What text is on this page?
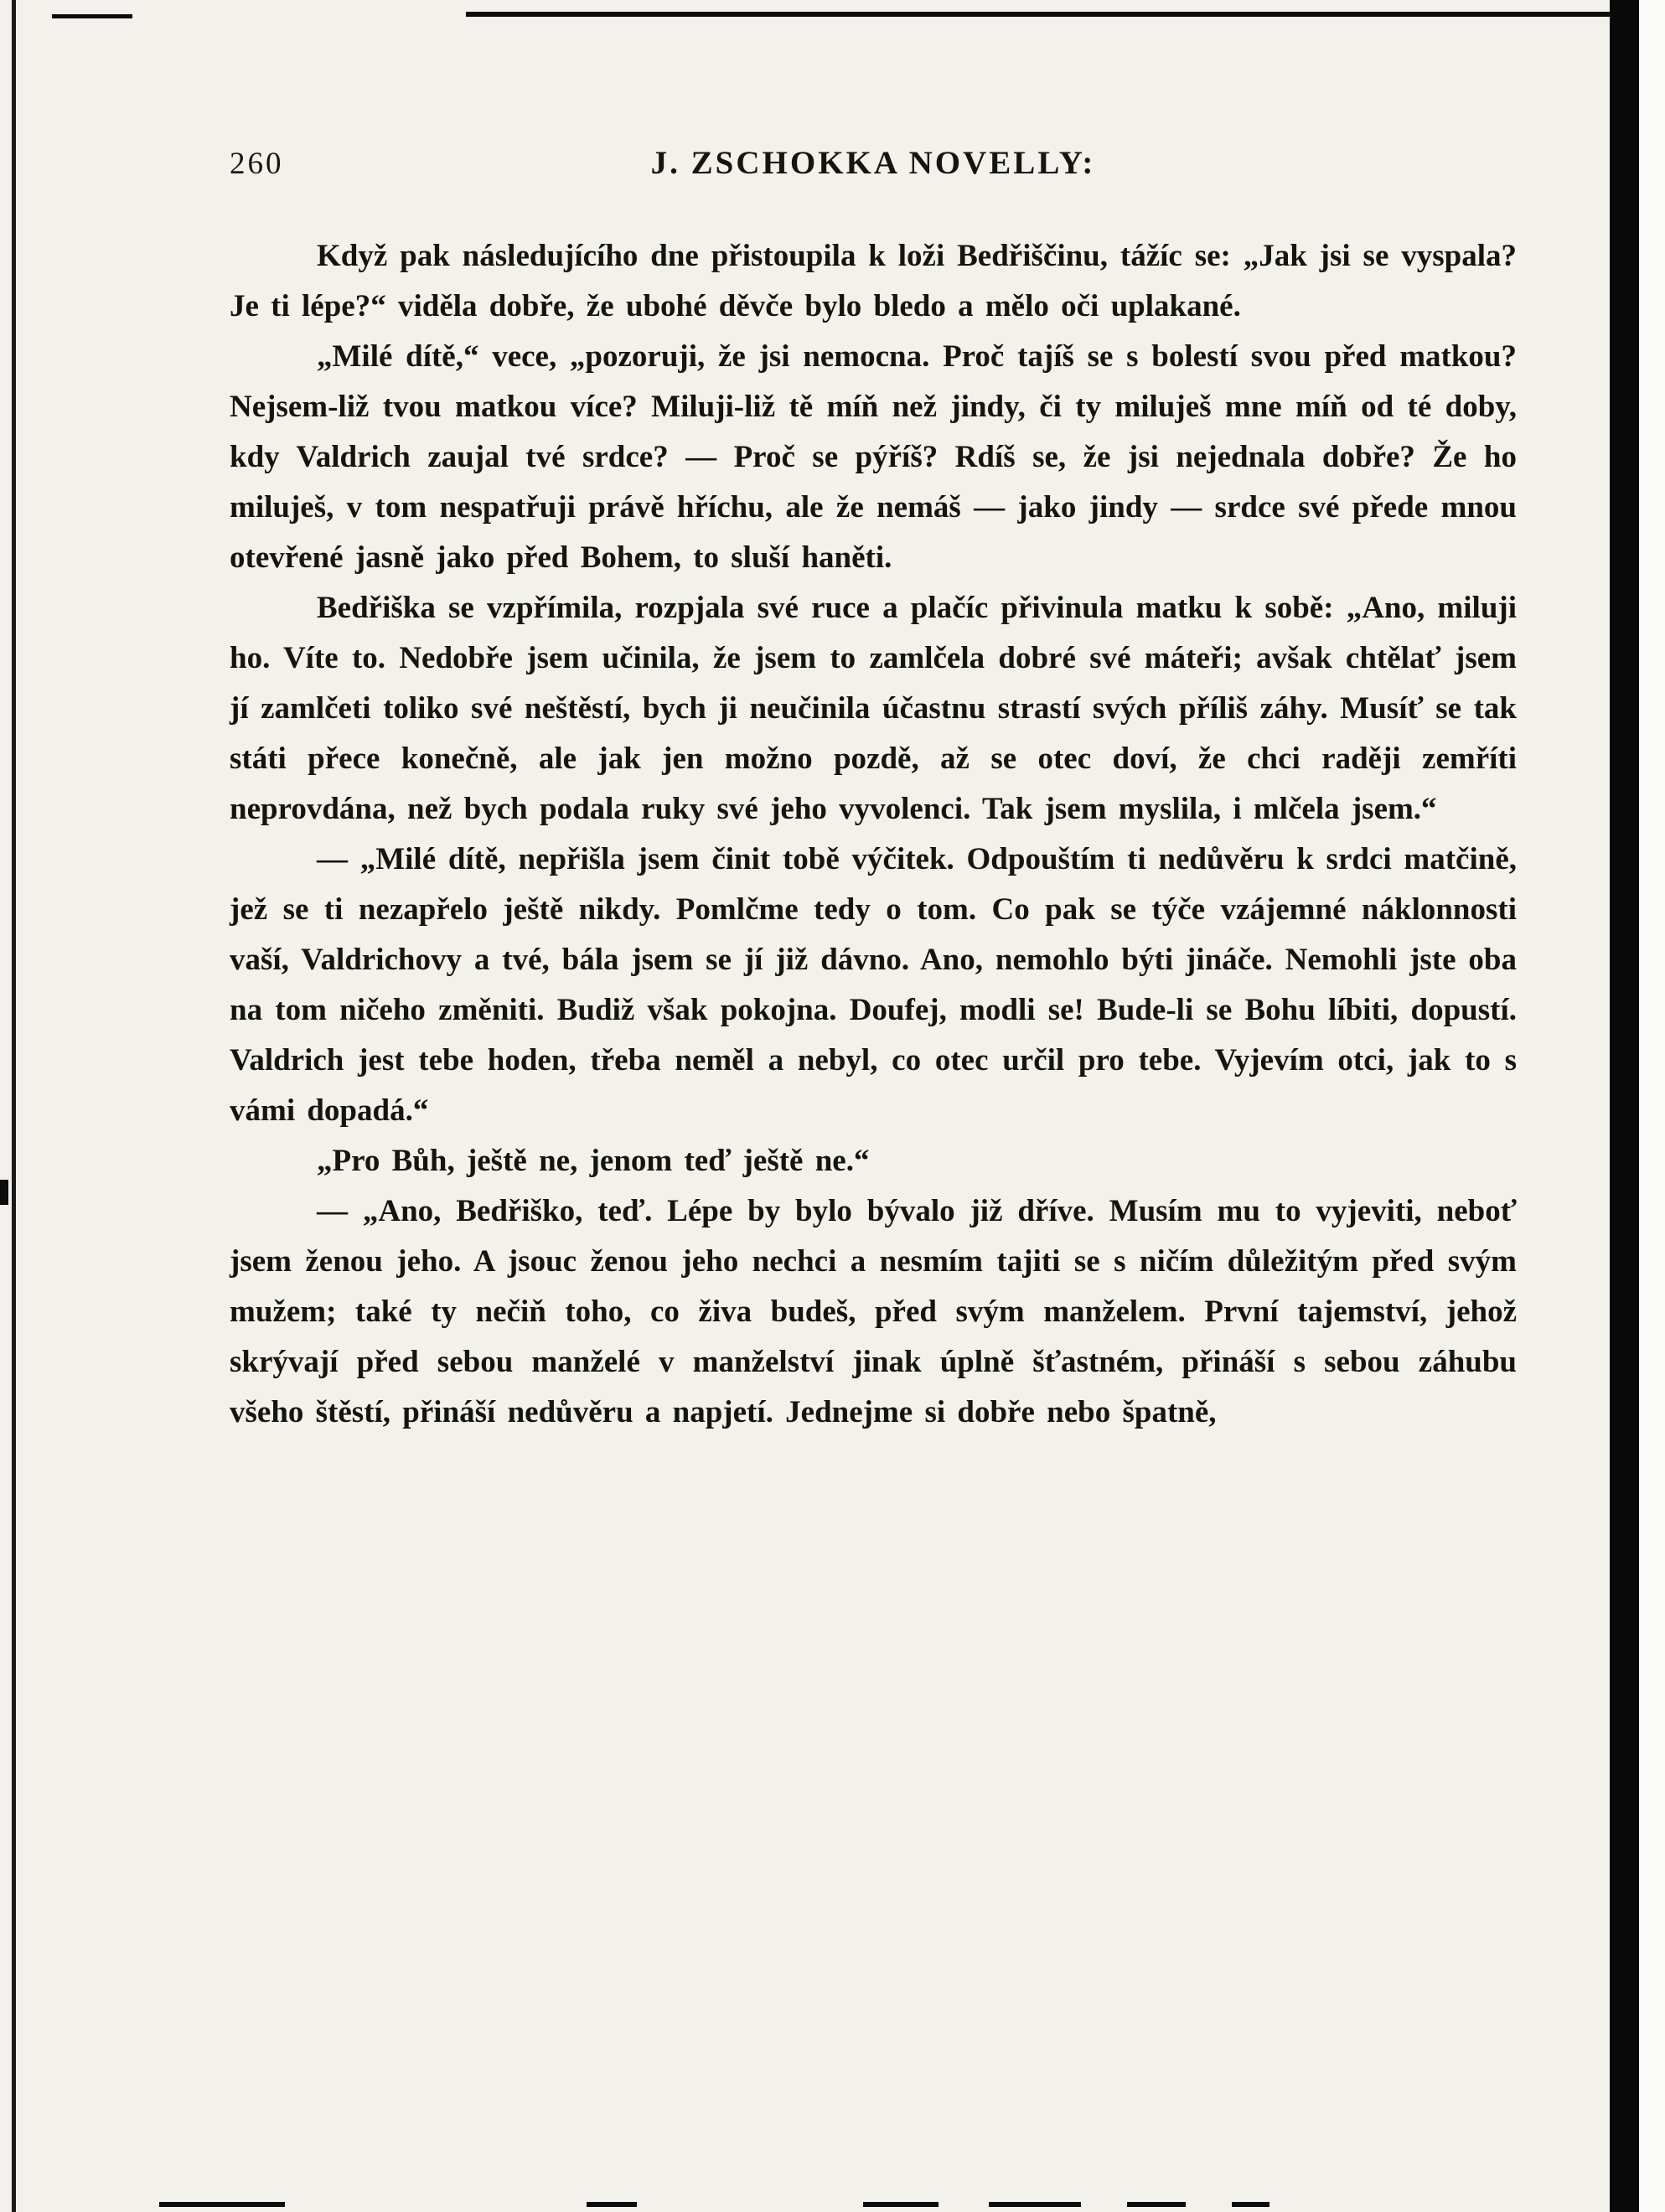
260	J. ZSCHOKKA NOVELLY:

Když pak následujícího dne přistoupila k loži Bedřiščinu, tážíc se: „Jak jsi se vyspala? Je ti lépe?“ viděla dobře, že ubohé děvče bylo bledo a mělo oči uplakané.

„Milé dítě,“ vece, „pozoruji, že jsi nemocna. Proč tajíš se s bolestí svou před matkou? Nejsem-liž tvou matkou více? Miluji-liž tě míň než jindy, či ty miluješ mne míň od té doby, kdy Valdrich zaujal tvé srdce? — Proč se pýříš? Rdíš se, že jsi nejednala dobře? Že ho miluješ, v tom nespatřuji právě hříchu, ale že nemáš — jako jindy — srdce své přede mnou otevřené jasně jako před Bohem, to sluší haněti.

Bedřiška se vzpřímila, rozpjala své ruce a plačíc přivinula matku k sobě: „Ano, miluji ho. Víte to. Nedobře jsem učinila, že jsem to zamlčela dobré své máteři; avšak chtělať jsem jí zamlčeti toliko své neštěstí, bych ji neučinila účastnu strastí svých příliš záhy. Musíť se tak státi přece konečně, ale jak jen možno pozdě, až se otec doví, že chci raději zemříti neprovdána, než bych podala ruky své jeho vyvolenci. Tak jsem myslila, i mlčela jsem.“

— „Milé dítě, nepřišla jsem činit tobě výčitek. Odpouštím ti nedůvěru k srdci matčině, jež se ti nezapřelo ještě nikdy. Pomlčme tedy o tom. Co pak se týče vzájemné náklonnosti vaší, Valdrichovy a tvé, bála jsem se jí již dávno. Ano, nemohlo býti jináče. Nemohli jste oba na tom ničeho změniti. Budiž však pokojna. Doufej, modli se! Bude-li se Bohu líbiti, dopustí. Valdrich jest tebe hoden, třeba neměl a nebyl, co otec určil pro tebe. Vyjevím otci, jak to s vámi dopadá.“

„Pro Bůh, ještě ne, jenom teď ještě ne.“

— „Ano, Bedřiško, teď. Lépe by bylo bývalo již dříve. Musím mu to vyjeviti, neboť jsem ženou jeho. A jsouc ženou jeho nechci a nesmím tajiti se s ničím důležitým před svým mužem; také ty nečiň toho, co živa budeš, před svým manželem. První tajemství, jehož skrývají před sebou manželé v manželství jinak úplně šťastném, přináší s sebou záhubu všeho štěstí, přináší nedůvěru a napjetí. Jednejme si dobře nebo špatně,
